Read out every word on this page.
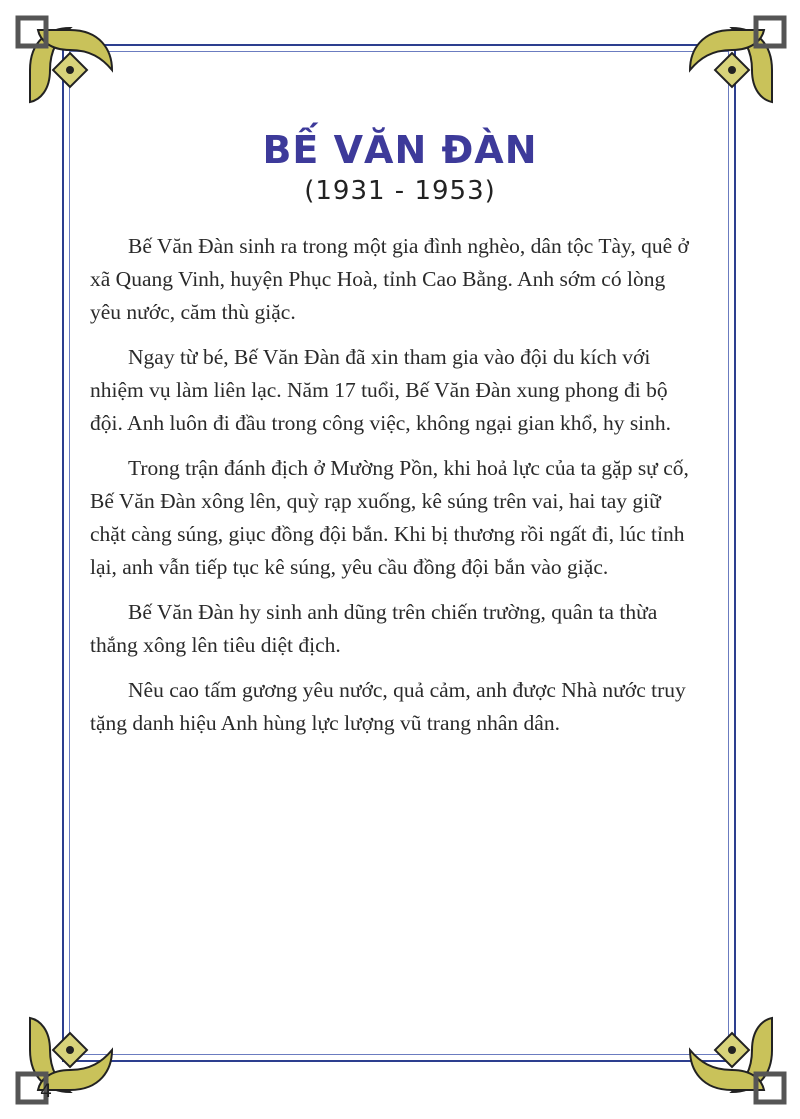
BẾ VĂN ĐÀN
(1931 - 1953)

Bế Văn Đàn sinh ra trong một gia đình nghèo, dân tộc Tày, quê ở xã Quang Vinh, huyện Phục Hoà, tỉnh Cao Bằng. Anh sớm có lòng yêu nước, căm thù giặc.

Ngay từ bé, Bế Văn Đàn đã xin tham gia vào đội du kích với nhiệm vụ làm liên lạc. Năm 17 tuổi, Bế Văn Đàn xung phong đi bộ đội. Anh luôn đi đầu trong công việc, không ngại gian khổ, hy sinh.

Trong trận đánh địch ở Mường Pồn, khi hoả lực của ta gặp sự cố, Bế Văn Đàn xông lên, quỳ rạp xuống, kê súng trên vai, hai tay giữ chặt càng súng, giục đồng đội bắn. Khi bị thương rồi ngất đi, lúc tỉnh lại, anh vẫn tiếp tục kê súng, yêu cầu đồng đội bắn vào giặc.

Bế Văn Đàn hy sinh anh dũng trên chiến trường, quân ta thừa thắng xông lên tiêu diệt địch.

Nêu cao tấm gương yêu nước, quả cảm, anh được Nhà nước truy tặng danh hiệu Anh hùng lực lượng vũ trang nhân dân.

4
